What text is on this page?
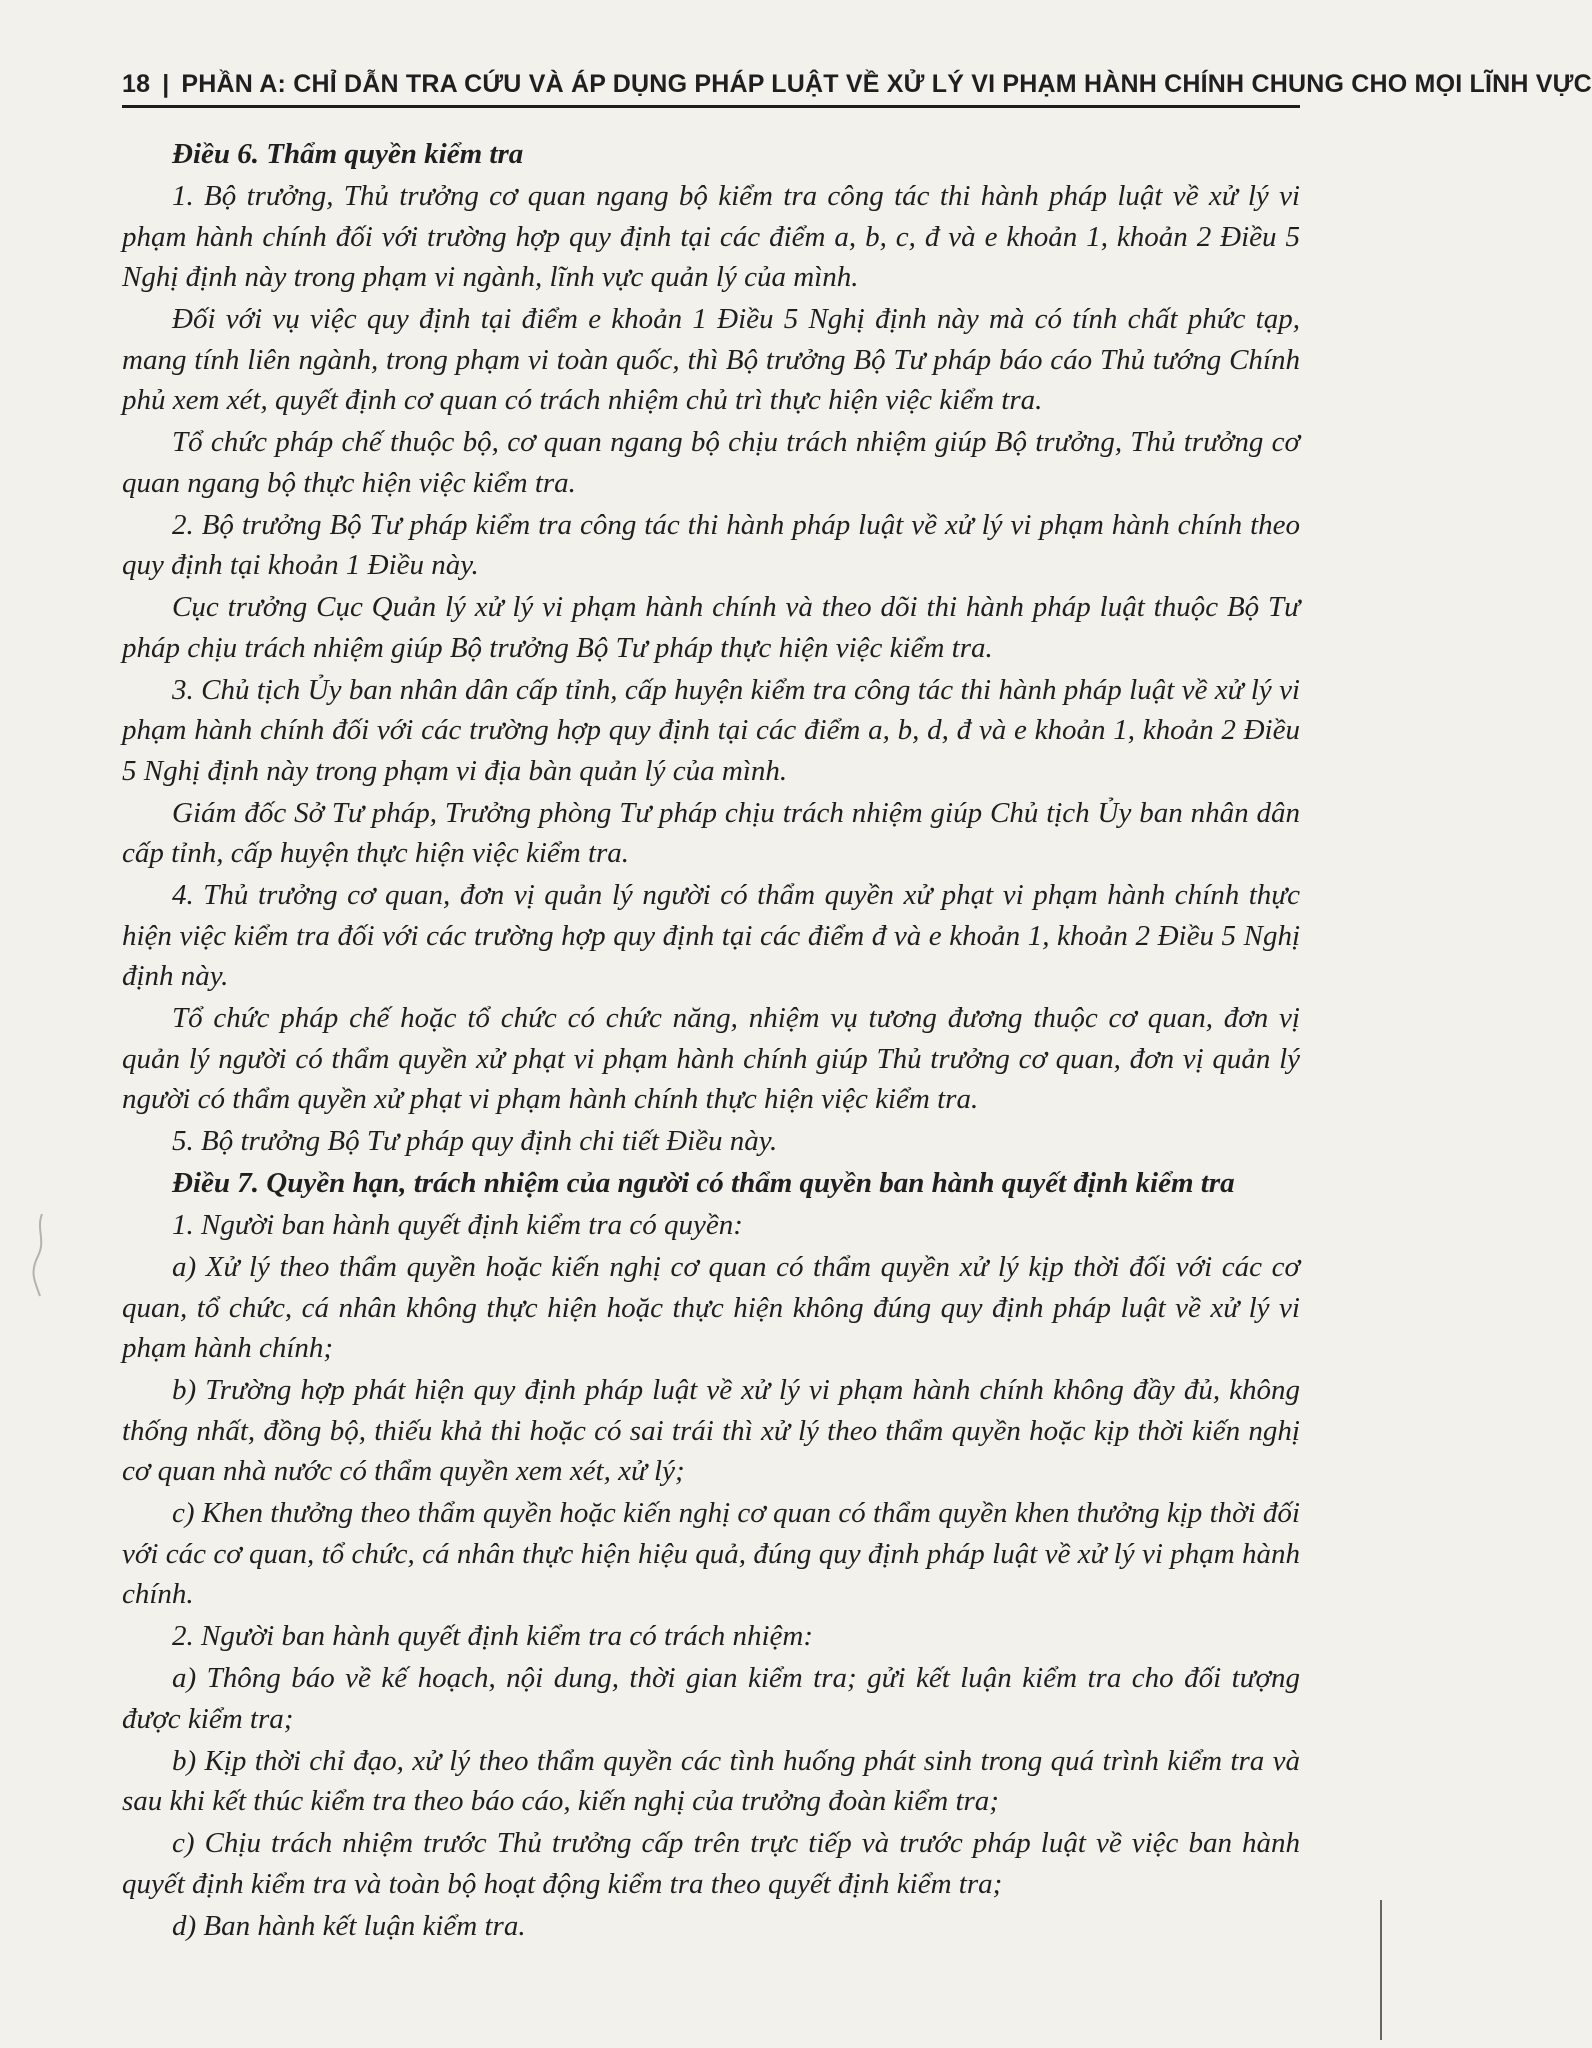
18 | PHẦN A: CHỈ DẪN TRA CỨU VÀ ÁP DỤNG PHÁP LUẬT VỀ XỬ LÝ VI PHẠM HÀNH CHÍNH CHUNG CHO MỌI LĨNH VỰC

Điều 6. Thẩm quyền kiểm tra

1. Bộ trưởng, Thủ trưởng cơ quan ngang bộ kiểm tra công tác thi hành pháp luật về xử lý vi phạm hành chính đối với trường hợp quy định tại các điểm a, b, c, đ và e khoản 1, khoản 2 Điều 5 Nghị định này trong phạm vi ngành, lĩnh vực quản lý của mình.

Đối với vụ việc quy định tại điểm e khoản 1 Điều 5 Nghị định này mà có tính chất phức tạp, mang tính liên ngành, trong phạm vi toàn quốc, thì Bộ trưởng Bộ Tư pháp báo cáo Thủ tướng Chính phủ xem xét, quyết định cơ quan có trách nhiệm chủ trì thực hiện việc kiểm tra.

Tổ chức pháp chế thuộc bộ, cơ quan ngang bộ chịu trách nhiệm giúp Bộ trưởng, Thủ trưởng cơ quan ngang bộ thực hiện việc kiểm tra.

2. Bộ trưởng Bộ Tư pháp kiểm tra công tác thi hành pháp luật về xử lý vi phạm hành chính theo quy định tại khoản 1 Điều này.

Cục trưởng Cục Quản lý xử lý vi phạm hành chính và theo dõi thi hành pháp luật thuộc Bộ Tư pháp chịu trách nhiệm giúp Bộ trưởng Bộ Tư pháp thực hiện việc kiểm tra.

3. Chủ tịch Ủy ban nhân dân cấp tỉnh, cấp huyện kiểm tra công tác thi hành pháp luật về xử lý vi phạm hành chính đối với các trường hợp quy định tại các điểm a, b, d, đ và e khoản 1, khoản 2 Điều 5 Nghị định này trong phạm vi địa bàn quản lý của mình.

Giám đốc Sở Tư pháp, Trưởng phòng Tư pháp chịu trách nhiệm giúp Chủ tịch Ủy ban nhân dân cấp tỉnh, cấp huyện thực hiện việc kiểm tra.

4. Thủ trưởng cơ quan, đơn vị quản lý người có thẩm quyền xử phạt vi phạm hành chính thực hiện việc kiểm tra đối với các trường hợp quy định tại các điểm đ và e khoản 1, khoản 2 Điều 5 Nghị định này.

Tổ chức pháp chế hoặc tổ chức có chức năng, nhiệm vụ tương đương thuộc cơ quan, đơn vị quản lý người có thẩm quyền xử phạt vi phạm hành chính giúp Thủ trưởng cơ quan, đơn vị quản lý người có thẩm quyền xử phạt vi phạm hành chính thực hiện việc kiểm tra.

5. Bộ trưởng Bộ Tư pháp quy định chi tiết Điều này.

Điều 7. Quyền hạn, trách nhiệm của người có thẩm quyền ban hành quyết định kiểm tra

1. Người ban hành quyết định kiểm tra có quyền:

a) Xử lý theo thẩm quyền hoặc kiến nghị cơ quan có thẩm quyền xử lý kịp thời đối với các cơ quan, tổ chức, cá nhân không thực hiện hoặc thực hiện không đúng quy định pháp luật về xử lý vi phạm hành chính;

b) Trường hợp phát hiện quy định pháp luật về xử lý vi phạm hành chính không đầy đủ, không thống nhất, đồng bộ, thiếu khả thi hoặc có sai trái thì xử lý theo thẩm quyền hoặc kịp thời kiến nghị cơ quan nhà nước có thẩm quyền xem xét, xử lý;

c) Khen thưởng theo thẩm quyền hoặc kiến nghị cơ quan có thẩm quyền khen thưởng kịp thời đối với các cơ quan, tổ chức, cá nhân thực hiện hiệu quả, đúng quy định pháp luật về xử lý vi phạm hành chính.

2. Người ban hành quyết định kiểm tra có trách nhiệm:

a) Thông báo về kế hoạch, nội dung, thời gian kiểm tra; gửi kết luận kiểm tra cho đối tượng được kiểm tra;

b) Kịp thời chỉ đạo, xử lý theo thẩm quyền các tình huống phát sinh trong quá trình kiểm tra và sau khi kết thúc kiểm tra theo báo cáo, kiến nghị của trưởng đoàn kiểm tra;

c) Chịu trách nhiệm trước Thủ trưởng cấp trên trực tiếp và trước pháp luật về việc ban hành quyết định kiểm tra và toàn bộ hoạt động kiểm tra theo quyết định kiểm tra;

d) Ban hành kết luận kiểm tra.
